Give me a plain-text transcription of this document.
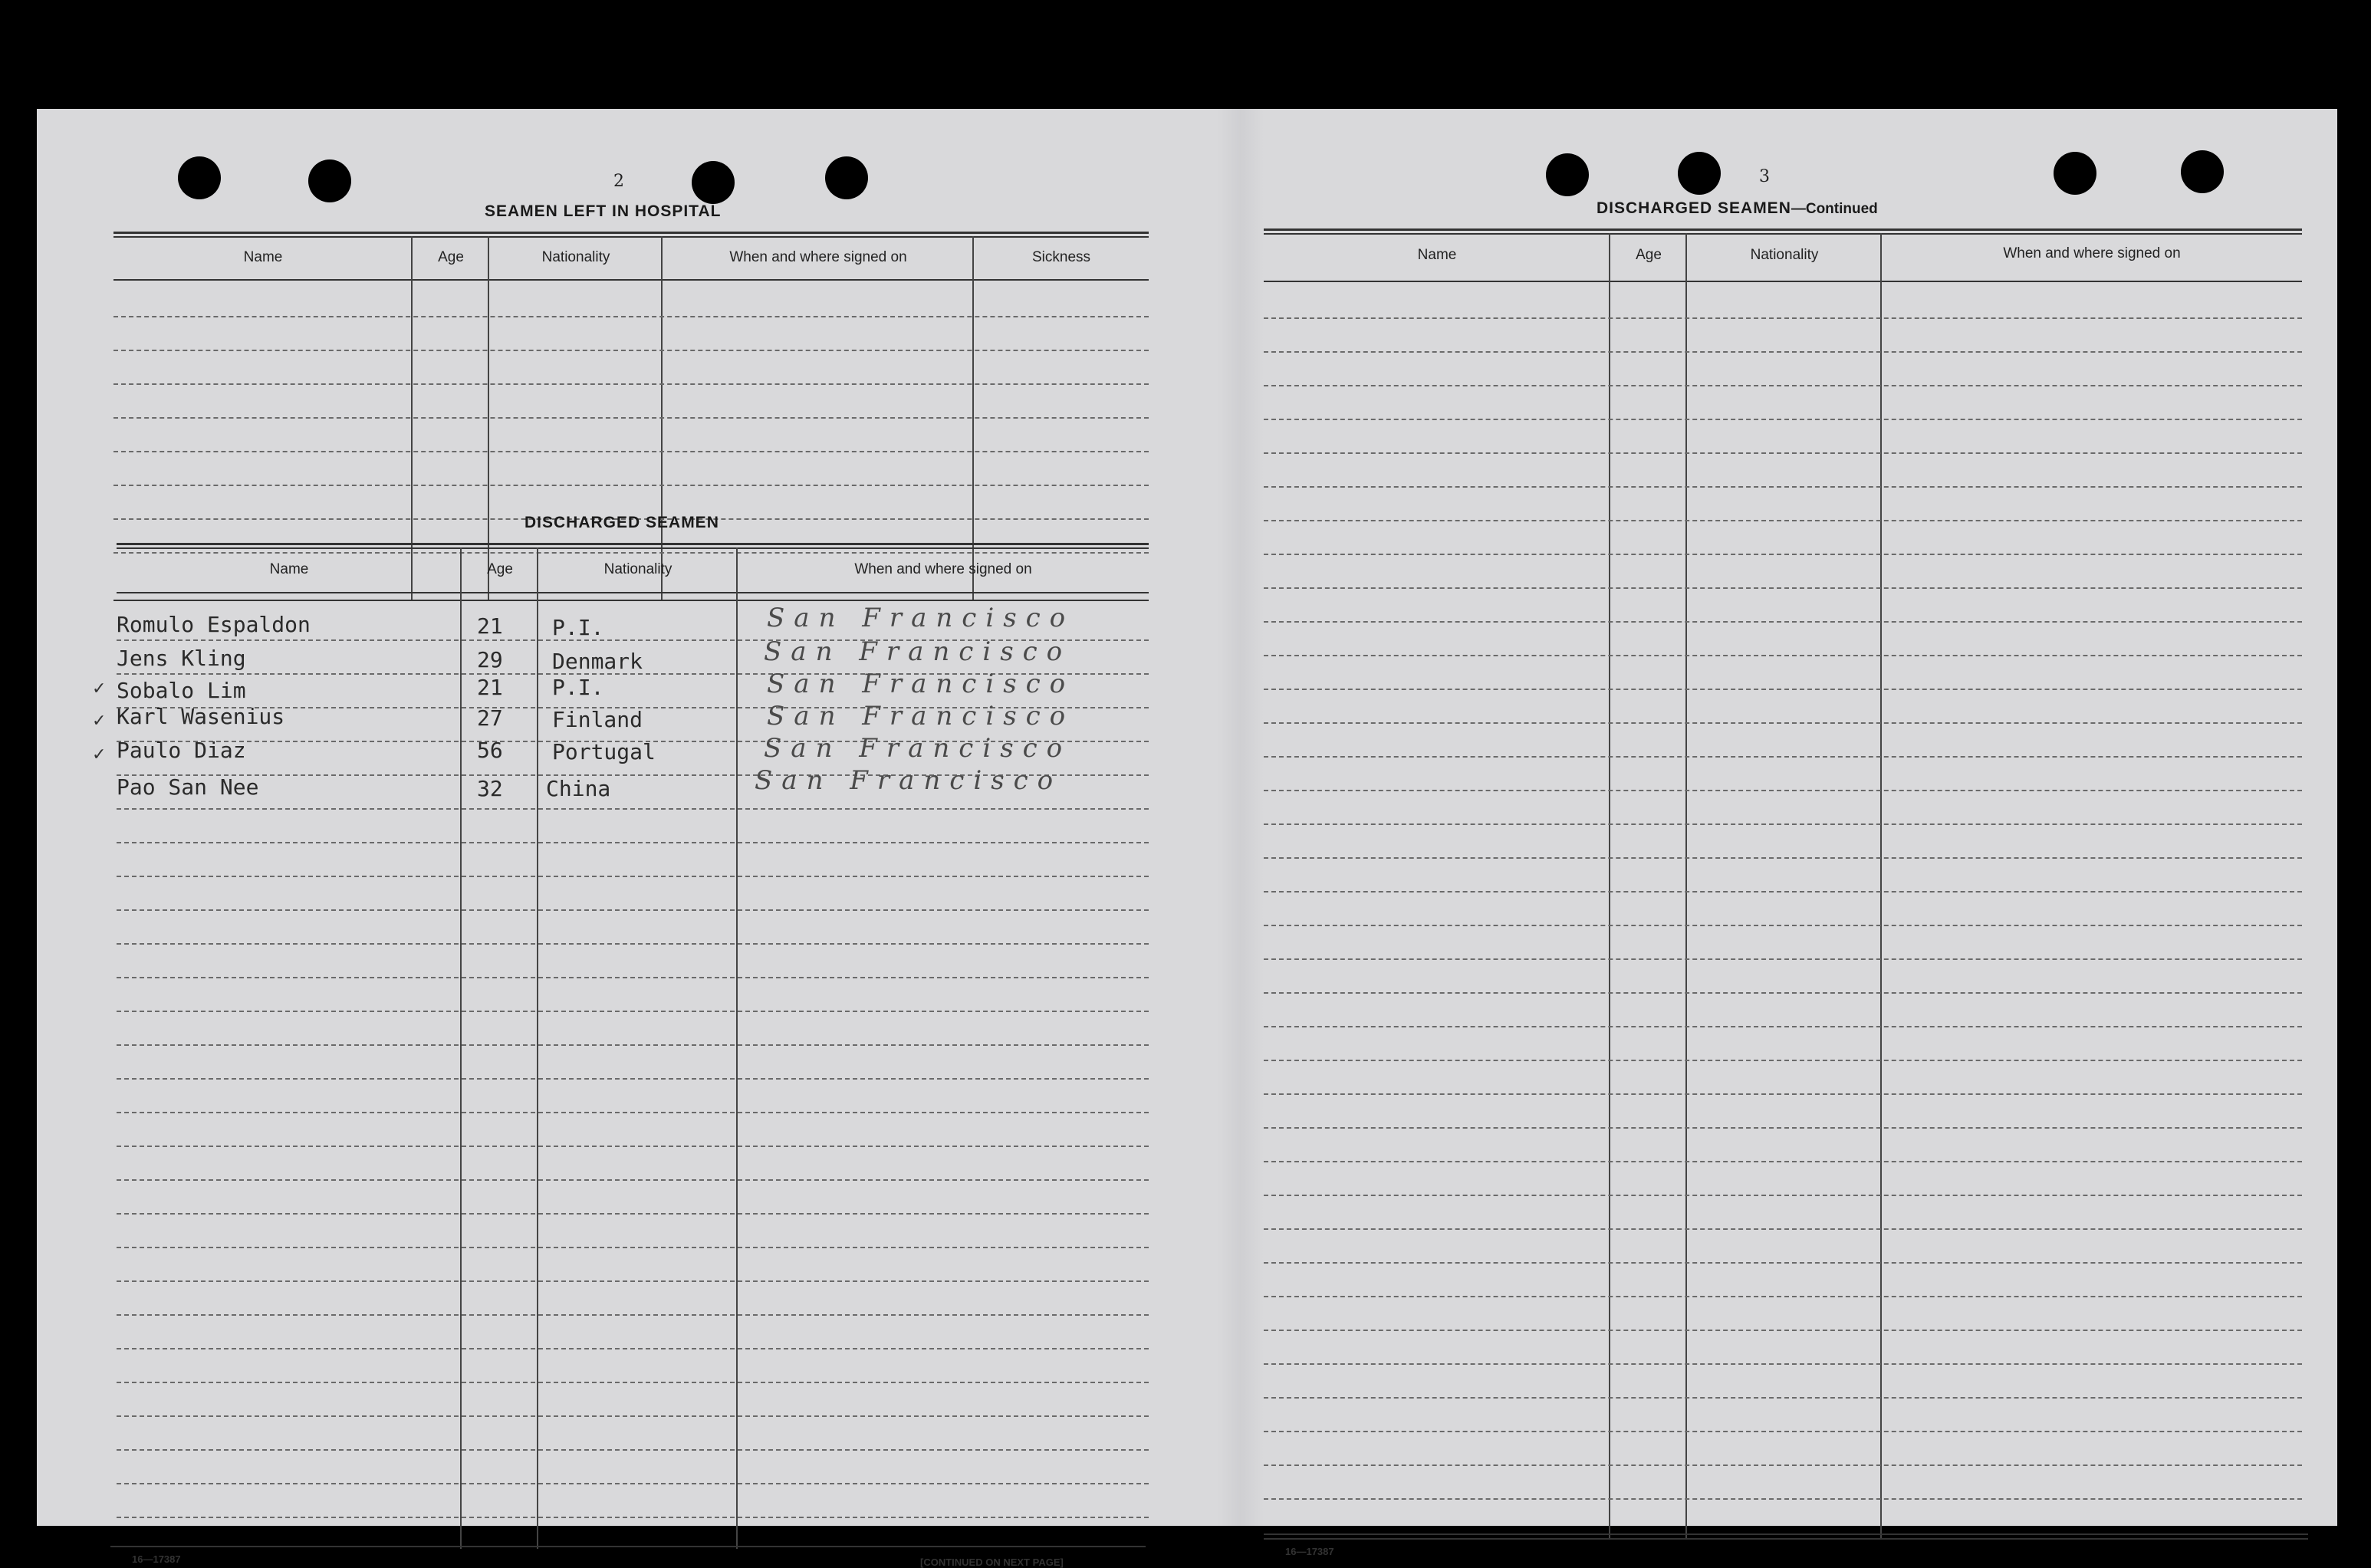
2
SEAMEN LEFT IN HOSPITAL
Name	Age	Nationality	When and where signed on	Sickness
DISCHARGED SEAMEN
Name	Age	Nationality	When and where signed on
Romulo Espaldon	21 P.I.	San Francisco
Jens Kling	29 Denmark	San Francisco
✓ Sobalo Lim	21 P.I.	San Francisco
✓ Karl Wasenius	27 Finland	San Francisco
✓ Paulo Diaz	56 Portugal	San Francisco
Pao San Nee	32 China	San Francisco
16—17387	[CONTINUED ON NEXT PAGE]
3
DISCHARGED SEAMEN—Continued
Name	Age	Nationality	When and where signed on
16—17387
